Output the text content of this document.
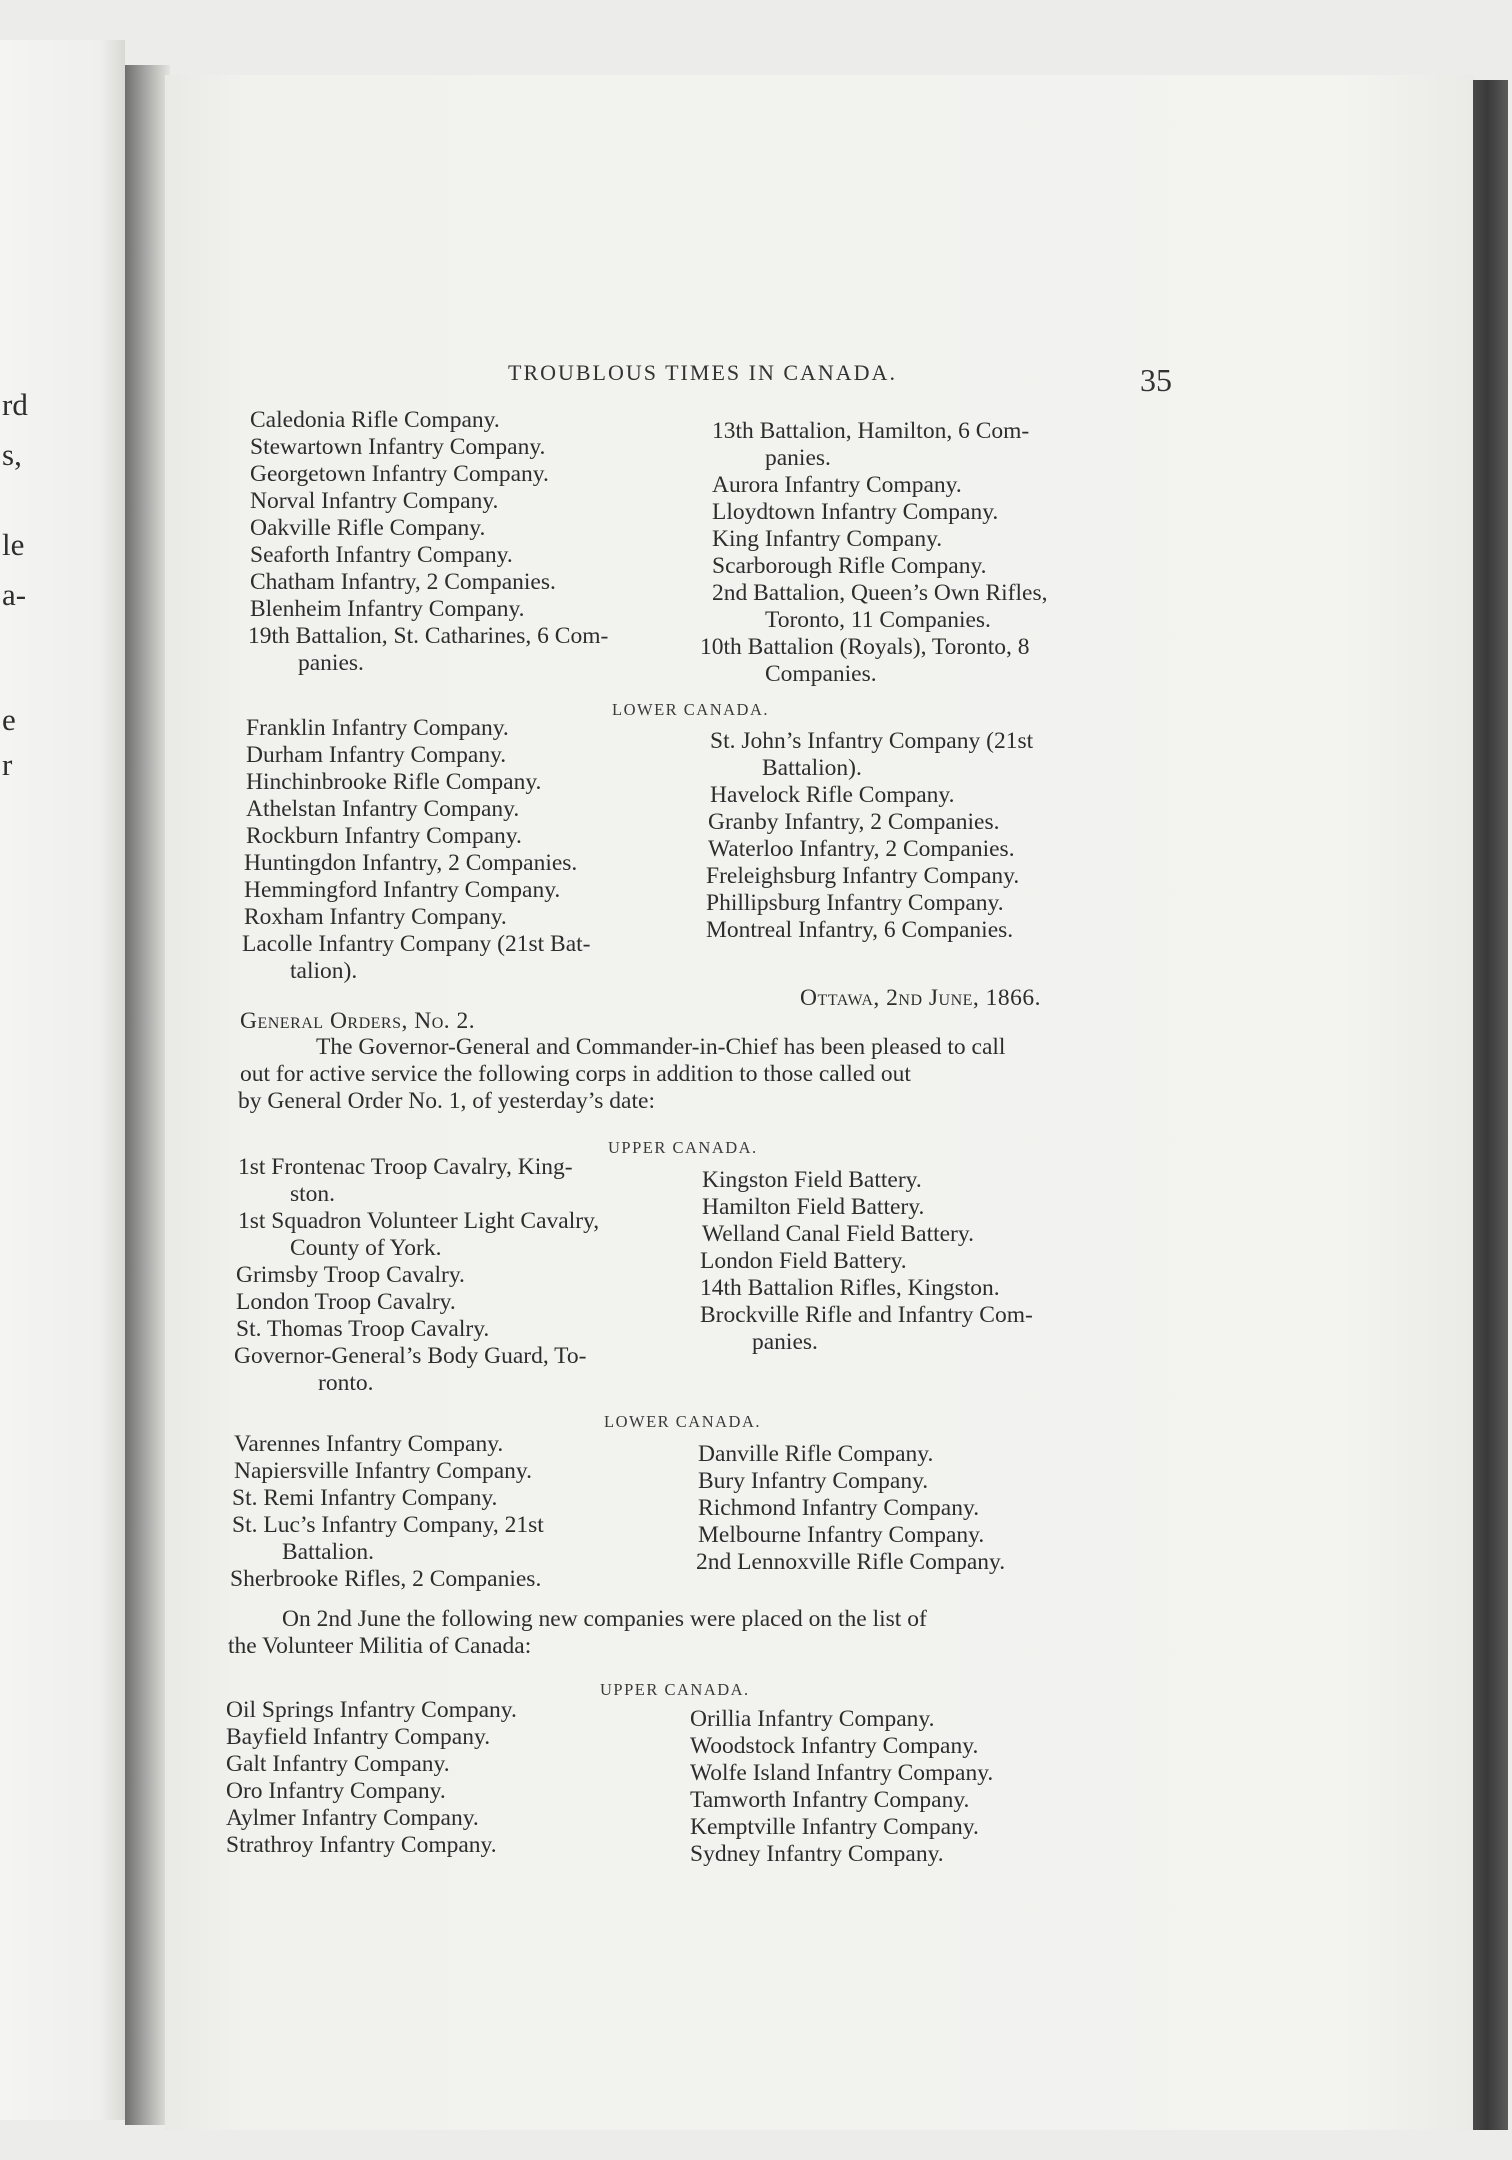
rd
s,
le
a-
e
r
TROUBLOUS TIMES IN CANADA.	35
Caledonia Rifle Company.
Stewartown Infantry Company.
Georgetown Infantry Company.
Norval Infantry Company.
Oakville Rifle Company.
Seaforth Infantry Company.
Chatham Infantry, 2 Companies.
Blenheim Infantry Company.
19th Battalion, St. Catharines, 6 Com-
panies.
13th Battalion, Hamilton, 6 Com-
panies.
Aurora Infantry Company.
Lloydtown Infantry Company.
King Infantry Company.
Scarborough Rifle Company.
2nd Battalion, Queen’s Own Rifles,
Toronto, 11 Companies.
10th Battalion (Royals), Toronto, 8
Companies.
LOWER CANADA.
Franklin Infantry Company.
Durham Infantry Company.
Hinchinbrooke Rifle Company.
Athelstan Infantry Company.
Rockburn Infantry Company.
Huntingdon Infantry, 2 Companies.
Hemmingford Infantry Company.
Roxham Infantry Company.
Lacolle Infantry Company (21st Bat-
talion).
St. John’s Infantry Company (21st
Battalion).
Havelock Rifle Company.
Granby Infantry, 2 Companies.
Waterloo Infantry, 2 Companies.
Freleighsburg Infantry Company.
Phillipsburg Infantry Company.
Montreal Infantry, 6 Companies.
Ottawa, 2nd June, 1866.
General Orders, No. 2.
The Governor-General and Commander-in-Chief has been pleased to call
out for active service the following corps in addition to those called out
by General Order No. 1, of yesterday’s date:
UPPER CANADA.
1st Frontenac Troop Cavalry, King-
ston.
1st Squadron Volunteer Light Cavalry,
County of York.
Grimsby Troop Cavalry.
London Troop Cavalry.
St. Thomas Troop Cavalry.
Governor-General’s Body Guard, To-
ronto.
Kingston Field Battery.
Hamilton Field Battery.
Welland Canal Field Battery.
London Field Battery.
14th Battalion Rifles, Kingston.
Brockville Rifle and Infantry Com-
panies.
LOWER CANADA.
Varennes Infantry Company.
Napiersville Infantry Company.
St. Remi Infantry Company.
St. Luc’s Infantry Company, 21st
Battalion.
Sherbrooke Rifles, 2 Companies.
Danville Rifle Company.
Bury Infantry Company.
Richmond Infantry Company.
Melbourne Infantry Company.
2nd Lennoxville Rifle Company.
On 2nd June the following new companies were placed on the list of
the Volunteer Militia of Canada:
UPPER CANADA.
Oil Springs Infantry Company.
Bayfield Infantry Company.
Galt Infantry Company.
Oro Infantry Company.
Aylmer Infantry Company.
Strathroy Infantry Company.
Orillia Infantry Company.
Woodstock Infantry Company.
Wolfe Island Infantry Company.
Tamworth Infantry Company.
Kemptville Infantry Company.
Sydney Infantry Company.
